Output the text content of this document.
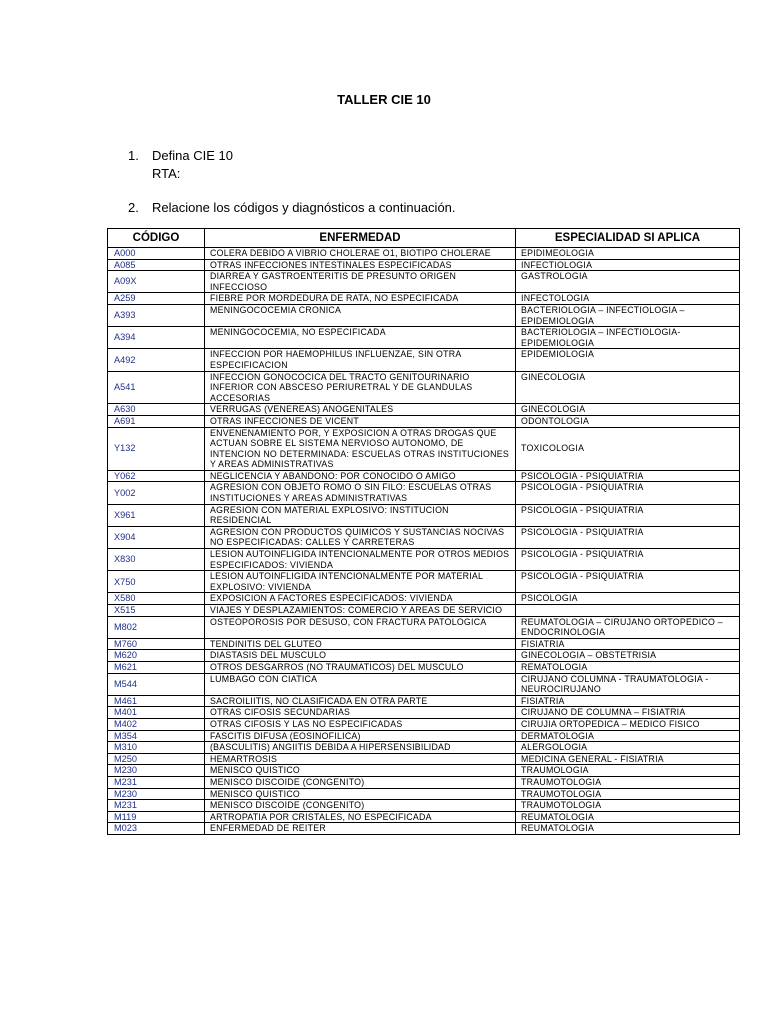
TALLER CIE 10
1. Defina CIE 10
RTA:
2. Relacione los códigos y diagnósticos a continuación.
CÓDIGO	ENFERMEDAD	ESPECIALIDAD SI APLICA
A000	COLERA DEBIDO A VIBRIO CHOLERAE O1, BIOTIPO CHOLERAE	EPIDIMEOLOGIA
A085	OTRAS INFECCIONES INTESTINALES ESPECIFICADAS	INFECTIOLOGIA
A09X	DIARREA Y GASTROENTERITIS DE PRESUNTO ORIGEN INFECCIOSO	GASTROLOGIA
A259	FIEBRE POR MORDEDURA DE RATA, NO ESPECIFICADA	INFECTOLOGIA
A393	MENINGOCOCEMIA CRONICA	BACTERIOLOGIA – INFECTIOLOGIA – EPIDEMIOLOGIA
A394	MENINGOCOCEMIA, NO ESPECIFICADA	BACTERIOLOGIA – INFECTIOLOGIA- EPIDEMIOLOGIA
A492	INFECCION POR HAEMOPHILUS INFLUENZAE, SIN OTRA ESPECIFICACION	EPIDEMIOLOGIA
A541	INFECCION GONOCOCICA DEL TRACTO GENITOURINARIO INFERIOR CON ABSCESO PERIURETRAL Y DE GLANDULAS ACCESORIAS	GINECOLOGIA
A630	VERRUGAS (VENEREAS) ANOGENITALES	GINECOLOGIA
A691	OTRAS INFECCIONES DE VICENT	ODONTOLOGIA
Y132	ENVENENAMIENTO POR, Y EXPOSICION A OTRAS DROGAS QUE ACTUAN SOBRE EL SISTEMA NERVIOSO AUTONOMO, DE INTENCION NO DETERMINADA: ESCUELAS OTRAS INSTITUCIONES Y AREAS ADMINISTRATIVAS	TOXICOLOGIA
Y062	NEGLICENCIA Y ABANDONO: POR CONOCIDO O AMIGO	PSICOLOGIA - PSIQUIATRIA
Y002	AGRESION CON OBJETO ROMO O SIN FILO: ESCUELAS OTRAS INSTITUCIONES Y AREAS ADMINISTRATIVAS	PSICOLOGIA - PSIQUIATRIA
X961	AGRESION CON MATERIAL EXPLOSIVO: INSTITUCION RESIDENCIAL	PSICOLOGIA - PSIQUIATRIA
X904	AGRESION CON PRODUCTOS QUIMICOS Y SUSTANCIAS NOCIVAS NO ESPECIFICADAS: CALLES Y CARRETERAS	PSICOLOGIA - PSIQUIATRIA
X830	LESION AUTOINFLIGIDA INTENCIONALMENTE POR OTROS MEDIOS ESPECIFICADOS: VIVIENDA	PSICOLOGIA - PSIQUIATRIA
X750	LESION AUTOINFLIGIDA INTENCIONALMENTE POR MATERIAL EXPLOSIVO: VIVIENDA	PSICOLOGIA - PSIQUIATRIA
X580	EXPOSICION A FACTORES ESPECIFICADOS: VIVIENDA	PSICOLOGIA
X515	VIAJES Y DESPLAZAMIENTOS: COMERCIO Y AREAS DE SERVICIO	
M802	OSTEOPOROSIS POR DESUSO, CON FRACTURA PATOLOGICA	REUMATOLOGIA – CIRUJANO ORTOPEDICO – ENDOCRINOLOGIA
M760	TENDINITIS DEL GLUTEO	FISIATRIA
M620	DIASTASIS DEL MUSCULO	GINECOLOGIA – OBSTETRISIA
M621	OTROS DESGARROS (NO TRAUMATICOS) DEL MUSCULO	REMATOLOGIA
M544	LUMBAGO CON CIATICA	CIRUJANO COLUMNA - TRAUMATOLOGIA - NEUROCIRUJANO
M461	SACROILIITIS, NO CLASIFICADA EN OTRA PARTE	FISIATRIA
M401	OTRAS CIFOSIS SECUNDARIAS	CIRUJANO DE COLUMNA – FISIATRIA
M402	OTRAS CIFOSIS Y LAS NO ESPECIFICADAS	CIRUJIA ORTOPEDICA – MEDICO FISICO
M354	FASCITIS DIFUSA (EOSINOFILICA)	DERMATOLOGIA
M310	(BASCULITIS) ANGIITIS DEBIDA A HIPERSENSIBILIDAD	ALERGOLOGIA
M250	HEMARTROSIS	MEDICINA GENERAL - FISIATRIA
M230	MENISCO QUISTICO	TRAUMOLOGIA
M231	MENISCO DISCOIDE (CONGENITO)	TRAUMOTOLOGIA
M230	MENISCO QUISTICO	TRAUMOTOLOGIA
M231	MENISCO DISCOIDE (CONGENITO)	TRAUMOTOLOGIA
M119	ARTROPATIA POR CRISTALES, NO ESPECIFICADA	REUMATOLOGIA
M023	ENFERMEDAD DE REITER	REUMATOLOGIA
